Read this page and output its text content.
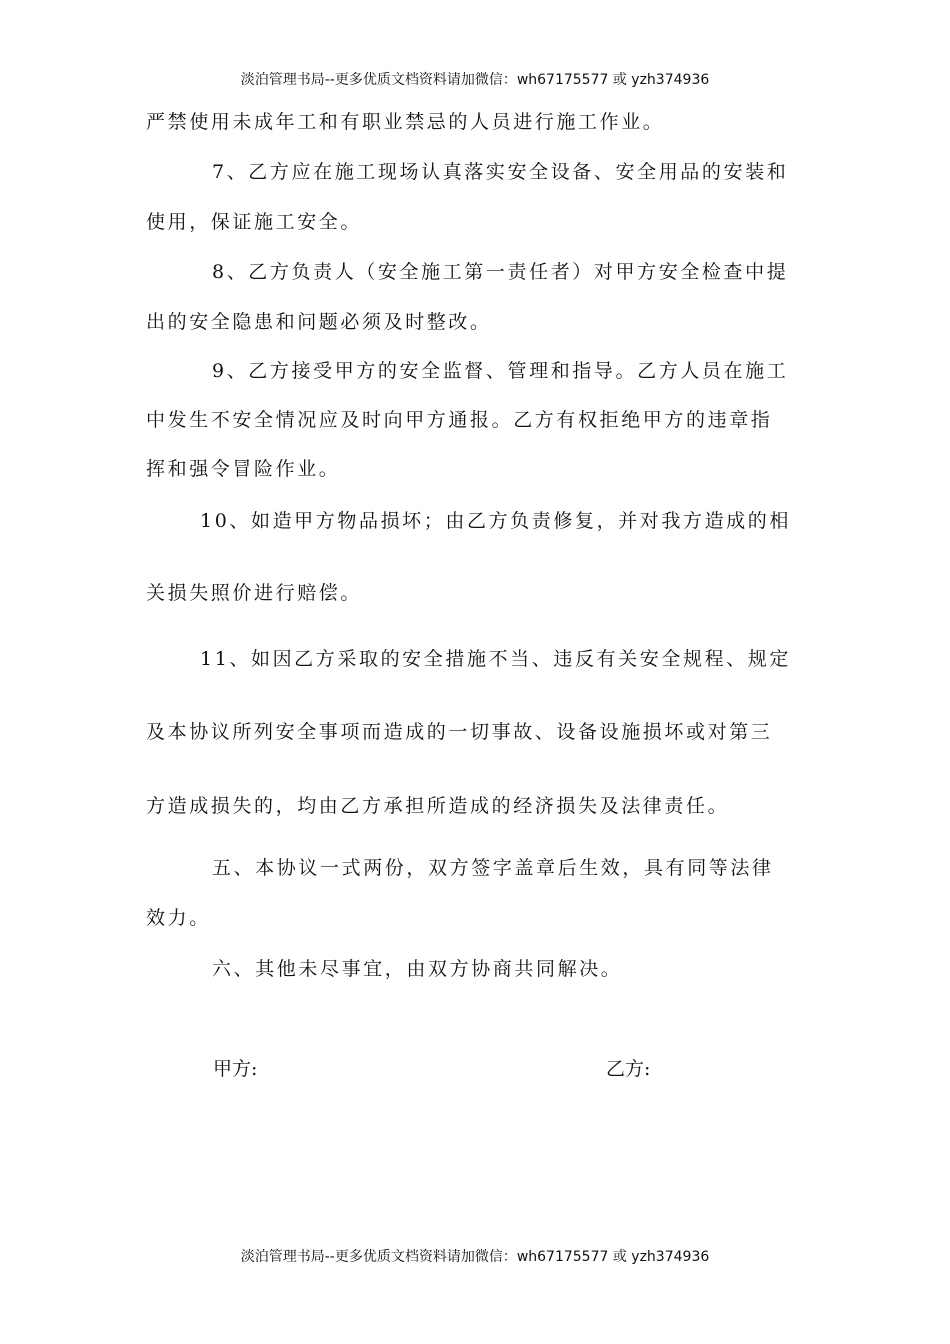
淡泊管理书局--更多优质文档资料请加微信：wh67175577 或 yzh374936
严禁使用未成年工和有职业禁忌的人员进行施工作业。
7、乙方应在施工现场认真落实安全设备、安全用品的安装和
使用，保证施工安全。
8、乙方负责人（安全施工第一责任者）对甲方安全检查中提
出的安全隐患和问题必须及时整改。
9、乙方接受甲方的安全监督、管理和指导。乙方人员在施工
中发生不安全情况应及时向甲方通报。乙方有权拒绝甲方的违章指
挥和强令冒险作业。
10、如造甲方物品损坏；由乙方负责修复，并对我方造成的相
关损失照价进行赔偿。
11、如因乙方采取的安全措施不当、违反有关安全规程、规定
及本协议所列安全事项而造成的一切事故、设备设施损坏或对第三
方造成损失的，均由乙方承担所造成的经济损失及法律责任。
五、本协议一式两份，双方签字盖章后生效，具有同等法律
效力。
六、其他未尽事宜，由双方协商共同解决。
甲方:	乙方:
淡泊管理书局--更多优质文档资料请加微信：wh67175577 或 yzh374936
